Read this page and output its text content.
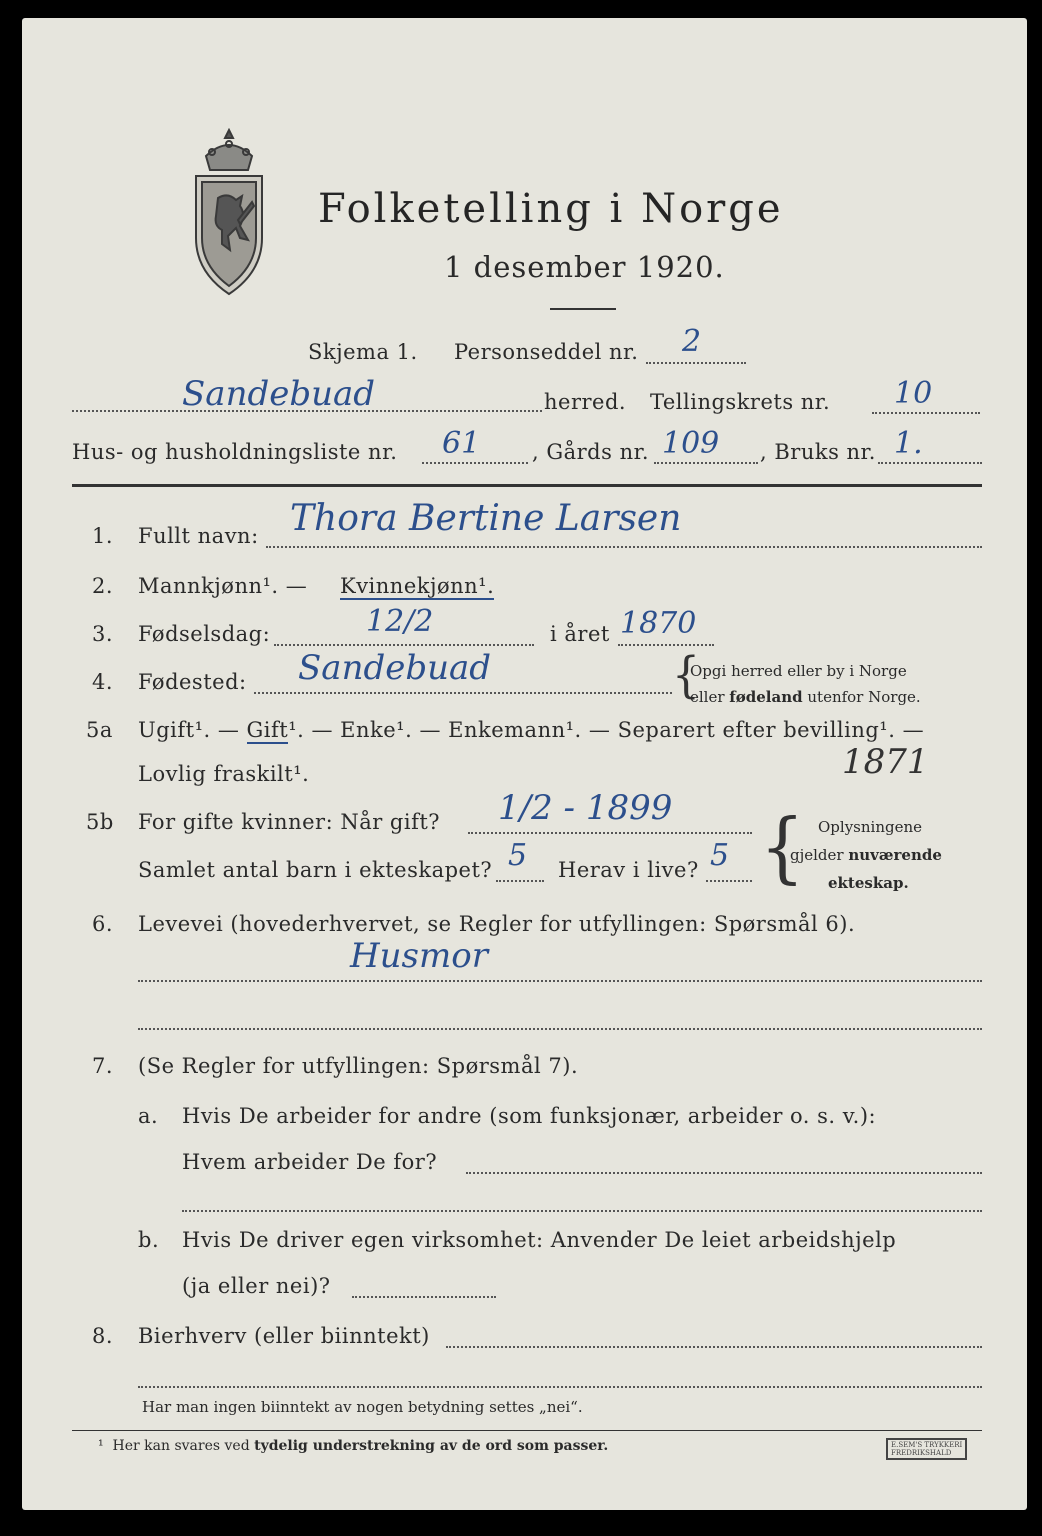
Folketelling i Norge
1 desember 1920.
Skjema 1. Personseddel nr. 2
Sandebuad	herred. Tellingskrets nr. 10
Hus- og husholdningsliste nr. 61 , Gårds nr. 109 , Bruks nr. 1.
1. Fullt navn: Thora Bertine Larsen
2. Mannkjønn¹. — Kvinnekjønn¹.
3. Fødselsdag:	12/2	i året 1870
4. Fødested: Sandebuad	{
Opgi herred eller by i Norge
eller fødeland utenfor Norge.
5a Ugift¹. — Gift¹. — Enke¹. — Enkemann¹. — Separert efter bevilling¹. —
Lovlig fraskilt¹.	1871
5b For gifte kvinner: Når gift? 1/2 - 1899
Samlet antal barn i ekteskapet? 5 Herav i live? 5 { Oplysningene
gjelder nuværende
ekteskap.
6. Levevei (hovederhvervet, se Regler for utfyllingen: Spørsmål 6).
Husmor
7. (Se Regler for utfyllingen: Spørsmål 7).
a. Hvis De arbeider for andre (som funksjonær, arbeider o. s. v.):
Hvem arbeider De for?
b. Hvis De driver egen virksomhet: Anvender De leiet arbeidshjelp
(ja eller nei)?
8. Bierhverv (eller biinntekt)
Har man ingen biinntekt av nogen betydning settes „nei“.
¹ Her kan svares ved tydelig understrekning av de ord som passer.	E.SEM'S TRYKKERI
FREDRIKSHALD
